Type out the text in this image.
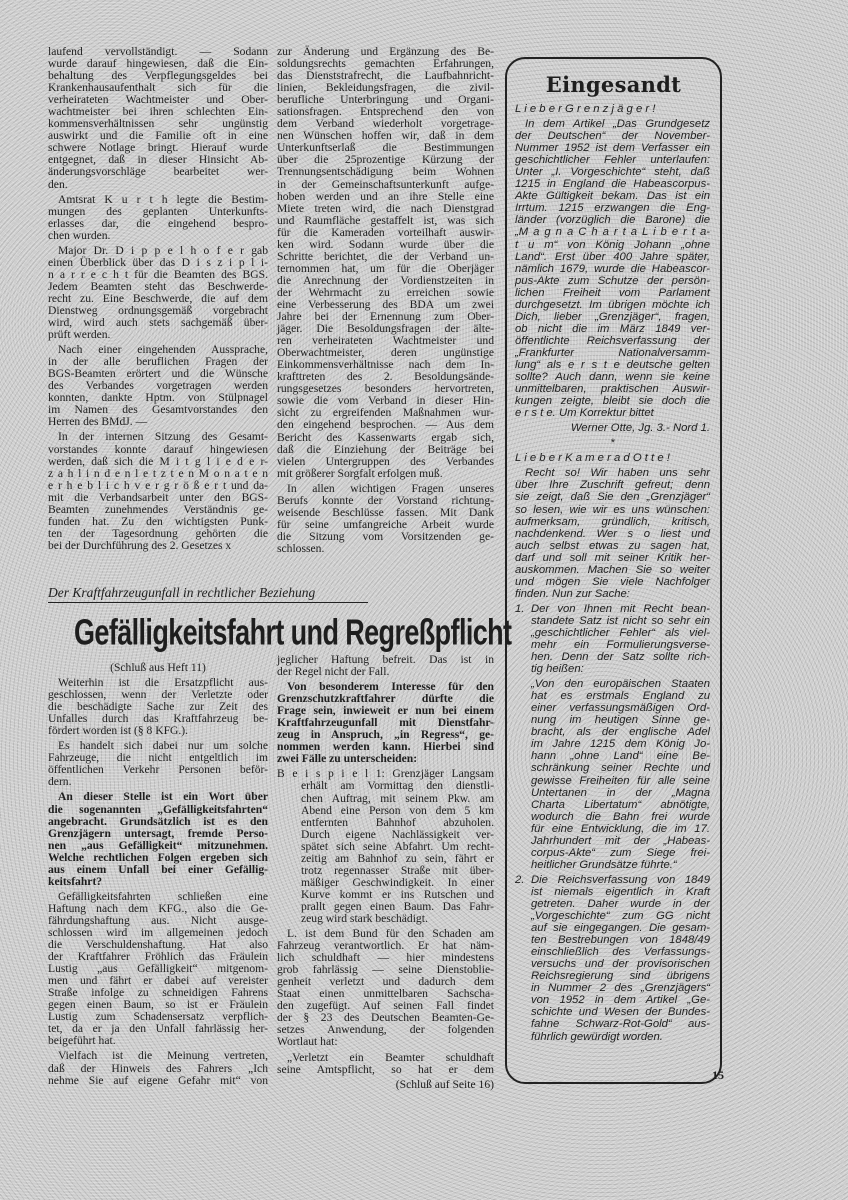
laufend vervollständigt. — Sodann
wurde darauf hingewiesen, daß die Ein-
behaltung des Verpflegungsgeldes bei
Krankenhausaufenthalt sich für die
verheirateten Wachtmeister und Ober-
wachtmeister bei ihren schlechten Ein-
kommensverhältnissen sehr ungünstig
auswirkt und die Familie oft in eine
schwere Notlage bringt. Hierauf wurde
entgegnet, daß in dieser Hinsicht Ab-
änderungsvorschläge bearbeitet wer-
den.
Amtsrat K u r t h legte die Bestim-
mungen des geplanten Unterkunfts-
erlasses dar, die eingehend bespro-
chen wurden.
Major Dr. D i p p e l h o f e r gab
einen Überblick über das D i s z i p l i-
n a r r e c h t für die Beamten des BGS.
Jedem Beamten steht das Beschwerde-
recht zu. Eine Beschwerde, die auf dem
Dienstweg ordnungsgemäß vorgebracht
wird, wird auch stets sachgemäß über-
prüft werden.
Nach einer eingehenden Aussprache,
in der alle beruflichen Fragen der
BGS-Beamten erörtert und die Wünsche
des Verbandes vorgetragen werden
konnten, dankte Hptm. von Stülpnagel
im Namen des Gesamtvorstandes den
Herren des BMdJ. —
In der internen Sitzung des Gesamt-
vorstandes konnte darauf hingewiesen
werden, daß sich die M i t g l i e d e r-
z a h l i n d e n l e t z t e n M o n a t e n
e r h e b l i c h v e r g r ö ß e r t und da-
mit die Verbandsarbeit unter den BGS-
Beamten zunehmendes Verständnis ge-
funden hat. Zu den wichtigsten Punk-
ten der Tagesordnung gehörten die
bei der Durchführung des 2. Gesetzes x
zur Änderung und Ergänzung des Be-
soldungsrechts gemachten Erfahrungen,
das Dienststrafrecht, die Laufbahnricht-
linien, Bekleidungsfragen, die zivil-
berufliche Unterbringung und Organi-
sationsfragen. Entsprechend den von
dem Verband wiederholt vorgetrage-
nen Wünschen hoffen wir, daß in dem
Unterkunftserlaß die Bestimmungen
über die 25prozentige Kürzung der
Trennungsentschädigung beim Wohnen
in der Gemeinschaftsunterkunft aufge-
hoben werden und an ihre Stelle eine
Miete treten wird, die nach Dienstgrad
und Raumfläche gestaffelt ist, was sich
für die Kameraden vorteilhaft auswir-
ken wird. Sodann wurde über die
Schritte berichtet, die der Verband un-
ternommen hat, um für die Oberjäger
die Anrechnung der Vordienstzeiten in
der Wehrmacht zu erreichen sowie
eine Verbesserung des BDA um zwei
Jahre bei der Ernennung zum Ober-
jäger. Die Besoldungsfragen der älte-
ren verheirateten Wachtmeister und
Oberwachtmeister, deren ungünstige
Einkommensverhältnisse nach dem In-
krafttreten des 2. Besoldungsände-
rungsgesetzes besonders hervortreten,
sowie die vom Verband in dieser Hin-
sicht zu ergreifenden Maßnahmen wur-
den eingehend besprochen. — Aus dem
Bericht des Kassenwarts ergab sich,
daß die Einziehung der Beiträge bei
vielen Untergruppen des Verbandes
mit größerer Sorgfalt erfolgen muß.
In allen wichtigen Fragen unseres
Berufs konnte der Vorstand richtung-
weisende Beschlüsse fassen. Mit Dank
für seine umfangreiche Arbeit wurde
die Sitzung vom Vorsitzenden ge-
schlossen.
Eingesandt
L i e b e r G r e n z j ä g e r !
In dem Artikel „Das Grundgesetz
der Deutschen“ der November-
Nummer 1952 ist dem Verfasser ein
geschichtlicher Fehler unterlaufen:
Unter „I. Vorgeschichte“ steht, daß
1215 in England die Habeascorpus-
Akte Gültigkeit bekam. Das ist ein
Irrtum. 1215 erzwangen die Eng-
länder (vorzüglich die Barone) die
„M a g n a C h a r t a L i b e r t a-
t u m“ von König Johann „ohne
Land“. Erst über 400 Jahre später,
nämlich 1679, wurde die Habeascor-
pus-Akte zum Schutze der persön-
lichen Freiheit vom Parlament
durchgesetzt. Im übrigen möchte ich
Dich, lieber „Grenzjäger“, fragen,
ob nicht die im März 1849 ver-
öffentlichte Reichsverfassung der
„Frankfurter Nationalversamm-
lung“ als e r s t e deutsche gelten
sollte? Auch dann, wenn sie keine
unmittelbaren, praktischen Auswir-
kungen zeigte, bleibt sie doch die
e r s t e. Um Korrektur bittet
Werner Otte, Jg. 3.- Nord 1.
*
L i e b e r K a m e r a d O t t e !
Recht so! Wir haben uns sehr
über Ihre Zuschrift gefreut; denn
sie zeigt, daß Sie den „Grenzjäger“
so lesen, wie wir es uns wünschen:
aufmerksam, gründlich, kritisch,
nachdenkend. Wer s o liest und
auch selbst etwas zu sagen hat,
darf und soll mit seiner Kritik her-
auskommen. Machen Sie so weiter
und mögen Sie viele Nachfolger
finden. Nun zur Sache:
1. Der von Ihnen mit Recht bean-
standete Satz ist nicht so sehr ein
„geschichtlicher Fehler“ als viel-
mehr ein Formulierungsverse-
hen. Denn der Satz sollte rich-
tig heißen:
„Von den europäischen Staaten
hat es erstmals England zu
einer verfassungsmäßigen Ord-
nung im heutigen Sinne ge-
bracht, als der englische Adel
im Jahre 1215 dem König Jo-
hann „ohne Land“ eine Be-
schränkung seiner Rechte und
gewisse Freiheiten für alle seine
Untertanen in der „Magna
Charta Libertatum“ abnötigte,
wodurch die Bahn frei wurde
für eine Entwicklung, die im 17.
Jahrhundert mit der „Habeas-
corpus-Akte“ zum Siege frei-
heitlicher Grundsätze führte.“
2. Die Reichsverfassung von 1849
ist niemals eigentlich in Kraft
getreten. Daher wurde in der
„Vorgeschichte“ zum GG nicht
auf sie eingegangen. Die gesam-
ten Bestrebungen von 1848/49
einschließlich des Verfassungs-
versuchs und der provisorischen
Reichsregierung sind übrigens
in Nummer 2 des „Grenzjägers“
von 1952 in dem Artikel „Ge-
schichte und Wesen der Bundes-
fahne Schwarz-Rot-Gold“ aus-
führlich gewürdigt worden.
Der Kraftfahrzeugunfall in rechtlicher Beziehung
Gefälligkeitsfahrt und Regreßpflicht
(Schluß aus Heft 11)
Weiterhin ist die Ersatzpflicht aus-
geschlossen, wenn der Verletzte oder
die beschädigte Sache zur Zeit des
Unfalles durch das Kraftfahrzeug be-
fördert worden ist (§ 8 KFG.).
Es handelt sich dabei nur um solche
Fahrzeuge, die nicht entgeltlich im
öffentlichen Verkehr Personen beför-
dern.
An dieser Stelle ist ein Wort über
die sogenannten „Gefälligkeitsfahrten“
angebracht. Grundsätzlich ist es den
Grenzjägern untersagt, fremde Perso-
nen „aus Gefälligkeit“ mitzunehmen.
Welche rechtlichen Folgen ergeben sich
aus einem Unfall bei einer Gefällig-
keitsfahrt?
Gefälligkeitsfahrten schließen eine
Haftung nach dem KFG., also die Ge-
fährdungshaftung aus. Nicht ausge-
schlossen wird im allgemeinen jedoch
die Verschuldenshaftung. Hat also
der Kraftfahrer Fröhlich das Fräulein
Lustig „aus Gefälligkeit“ mitgenom-
men und fährt er dabei auf vereister
Straße infolge zu schneidigen Fahrens
gegen einen Baum, so ist er Fräulein
Lustig zum Schadensersatz verpflich-
tet, da er ja den Unfall fahrlässig her-
beigeführt hat.
Vielfach ist die Meinung vertreten,
daß der Hinweis des Fahrers „Ich
nehme Sie auf eigene Gefahr mit“ von
jeglicher Haftung befreit. Das ist in
der Regel nicht der Fall.
Von besonderem Interesse für den
Grenzschutzkraftfahrer dürfte die
Frage sein, inwieweit er nun bei einem
Kraftfahrzeugunfall mit Dienstfahr-
zeug in Anspruch, „in Regress“, ge-
nommen werden kann. Hierbei sind
zwei Fälle zu unterscheiden:
B e i s p i e l 1: Grenzjäger Langsam
erhält am Vormittag den dienstli-
chen Auftrag, mit seinem Pkw. am
Abend eine Person von dem 5 km
entfernten Bahnhof abzuholen.
Durch eigene Nachlässigkeit ver-
spätet sich seine Abfahrt. Um recht-
zeitig am Bahnhof zu sein, fährt er
trotz regennasser Straße mit über-
mäßiger Geschwindigkeit. In einer
Kurve kommt er ins Rutschen und
prallt gegen einen Baum. Das Fahr-
zeug wird stark beschädigt.
L. ist dem Bund für den Schaden am
Fahrzeug verantwortlich. Er hat näm-
lich schuldhaft — hier mindestens
grob fahrlässig — seine Dienstoblie-
genheit verletzt und dadurch dem
Staat einen unmittelbaren Sachscha-
den zugefügt. Auf seinen Fall findet
der § 23 des Deutschen Beamten-Ge-
setzes Anwendung, der folgenden
Wortlaut hat:
„Verletzt ein Beamter schuldhaft
seine Amtspflicht, so hat er dem
(Schluß auf Seite 16)
15
